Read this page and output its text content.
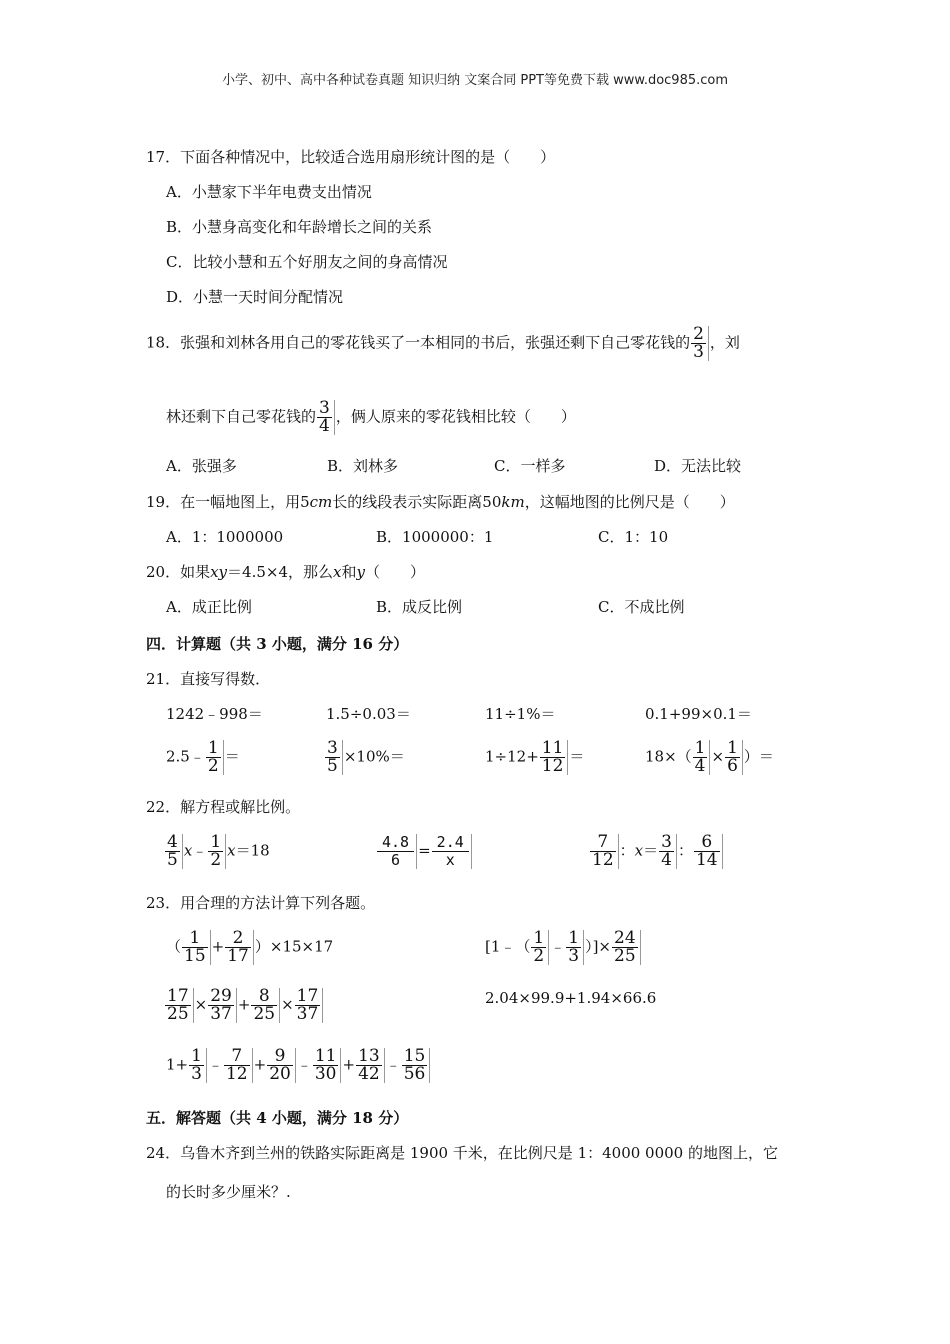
小学、初中、高中各种试卷真题 知识归纳 文案合同 PPT等免费下载 www.doc985.com
17．下面各种情况中，比较适合选用扇形统计图的是（　　）
A．小慧家下半年电费支出情况
B．小慧身高变化和年龄增长之间的关系
C．比较小慧和五个好朋友之间的身高情况
D．小慧一天时间分配情况
18．张强和刘林各用自己的零花钱买了一本相同的书后，张强还剩下自己零花钱的 $\frac{2}{3}$ ，刘
林还剩下自己零花钱的 $\frac{3}{4}$ ，俩人原来的零花钱相比较（　　）
A．张强多	B．刘林多	C．一样多	D．无法比较
19．在一幅地图上，用5cm长的线段表示实际距离50km，这幅地图的比例尺是（　　）
A．1：1000000	B．1000000：1	C．1：10
20．如果xy＝4.5×4，那么x和y（　　）
A．成正比例	B．成反比例	C．不成比例
四．计算题（共 3 小题，满分 16 分）
21．直接写得数．
1242﹣998＝	1.5÷0.03＝	11÷1%＝	0.1+99×0.1＝
2.5﹣ $\frac{1}{2}$ ＝	$\frac{3}{5} \times 10\%=$	$1\div 12+ \frac{11}{12}$ ＝	$18\times( \frac{1}{4} \times \frac{1}{6}$ ）＝
22．解方程或解比例。
$\frac{4}{5}$ x﹣ $\frac{1}{2} x=18$	$\frac{4.8}{6} = \frac{2.4}{x}$	$\frac{7}{12}$ ：$x= \frac{3}{4}$ ： $\frac{6}{14}$
23．用合理的方法计算下列各题。
（ $\frac{1}{15} + \frac{2}{17} )\times 15\times 17$	[1﹣（ $\frac{1}{2}$ ﹣ $\frac{1}{3}$ ）]× $\frac{24}{25}$
$\frac{17}{25} \times \frac{29}{37} + \frac{8}{25} \times \frac{17}{37}$	2.04×99.9+1.94×66.6
$1+ \frac{1}{3}$ ﹣ $\frac{7}{12} + \frac{9}{20}$ ﹣ $\frac{11}{30} + \frac{13}{42}$ ﹣ $\frac{15}{56}$
五．解答题（共 4 小题，满分 18 分）
24．乌鲁木齐到兰州的铁路实际距离是 1900 千米，在比例尺是 1：4000 0000 的地图上，它
的长时多少厘米？.
